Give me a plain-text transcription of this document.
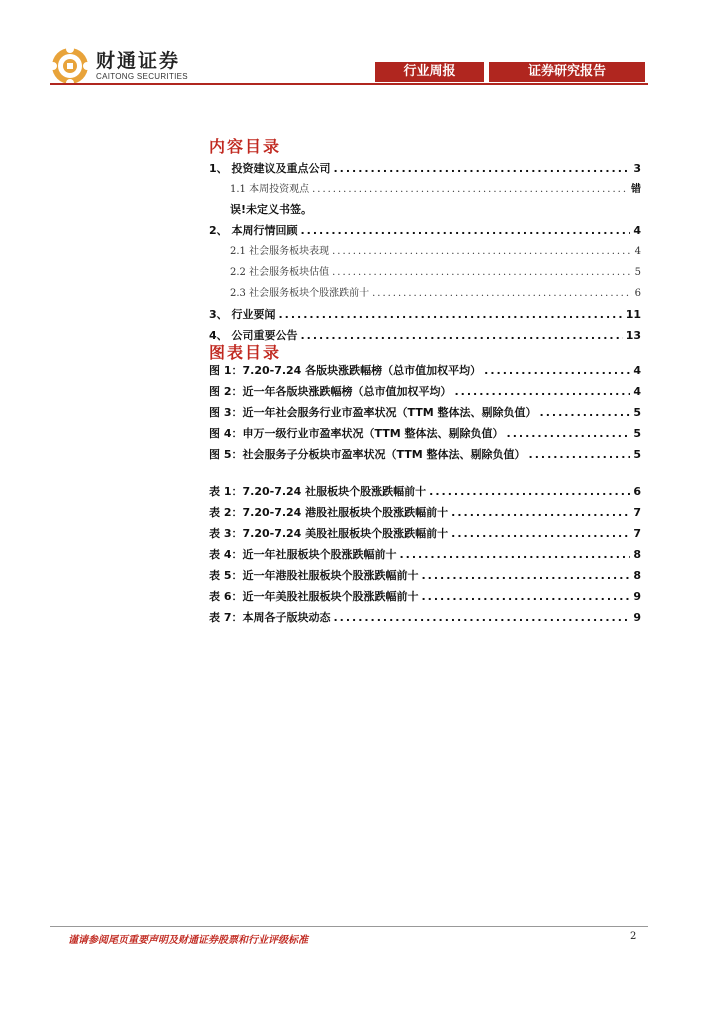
财通证券
CAITONG SECURITIES	行业周报	证券研究报告
内容目录
1、 投资建议及重点公司 .....	3
1.1 本周投资观点 .....	错
误!未定义书签。
2、 本周行情回顾 .....	4
2.1 社会服务板块表现 .....	4
2.2 社会服务板块估值 .....	5
2.3 社会服务板块个股涨跌前十 .....	6
3、 行业要闻 .....	11
4、 公司重要公告 .....	13
图表目录
图 1：7.20-7.24 各版块涨跌幅榜（总市值加权平均） .....	4
图 2：近一年各版块涨跌幅榜（总市值加权平均） .....	4
图 3：近一年社会服务行业市盈率状况（TTM 整体法、剔除负值） .....	5
图 4：申万一级行业市盈率状况（TTM 整体法、剔除负值） .....	5
图 5：社会服务子分板块市盈率状况（TTM 整体法、剔除负值） .....	5
表 1：7.20-7.24 社服板块个股涨跌幅前十 .....	6
表 2：7.20-7.24 港股社服板块个股涨跌幅前十 .....	7
表 3：7.20-7.24 美股社服板块个股涨跌幅前十 .....	7
表 4：近一年社服板块个股涨跌幅前十 .....	8
表 5：近一年港股社服板块个股涨跌幅前十 .....	8
表 6：近一年美股社服板块个股涨跌幅前十 .....	9
表 7：本周各子版块动态 .....	9
谨请参阅尾页重要声明及财通证券股票和行业评级标准	2
